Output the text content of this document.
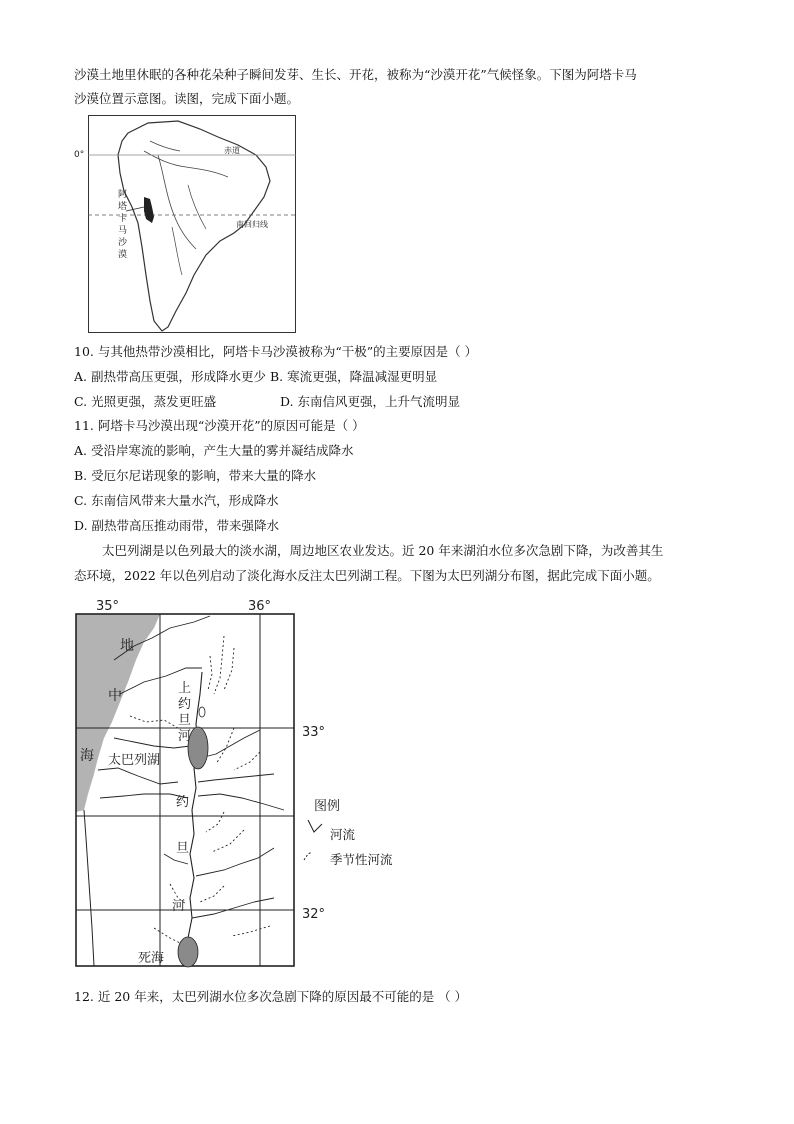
沙漠土地里休眠的各种花朵种子瞬间发芽、生长、开花，被称为“沙漠开花”气候怪象。下图为阿塔卡马
沙漠位置示意图。读图，完成下面小题。
0°	赤道
南回归线
阿
塔
卡
马
沙
漠
10. 与其他热带沙漠相比，阿塔卡马沙漠被称为“干极”的主要原因是（ ）
A. 副热带高压更强，形成降水更少 B. 寒流更强，降温减湿更明显
C. 光照更强，蒸发更旺盛	D. 东南信风更强，上升气流明显
11. 阿塔卡马沙漠出现“沙漠开花”的原因可能是（ ）
A. 受沿岸寒流的影响，产生大量的雾并凝结成降水
B. 受厄尔尼诺现象的影响，带来大量的降水
C. 东南信风带来大量水汽，形成降水
D. 副热带高压推动雨带，带来强降水
太巴列湖是以色列最大的淡水湖，周边地区农业发达。近 20 年来湖泊水位多次急剧下降，为改善其生
态环境，2022 年以色列启动了淡化海水反注太巴列湖工程。下图为太巴列湖分布图，据此完成下面小题。
35°	36°
33°
32°
地
中
海
上
约
旦
河
太巴列湖
约
旦
河
死海
图例
河流
季节性河流
12. 近 20 年来，太巴列湖水位多次急剧下降的原因最不可能的是 （ ）
